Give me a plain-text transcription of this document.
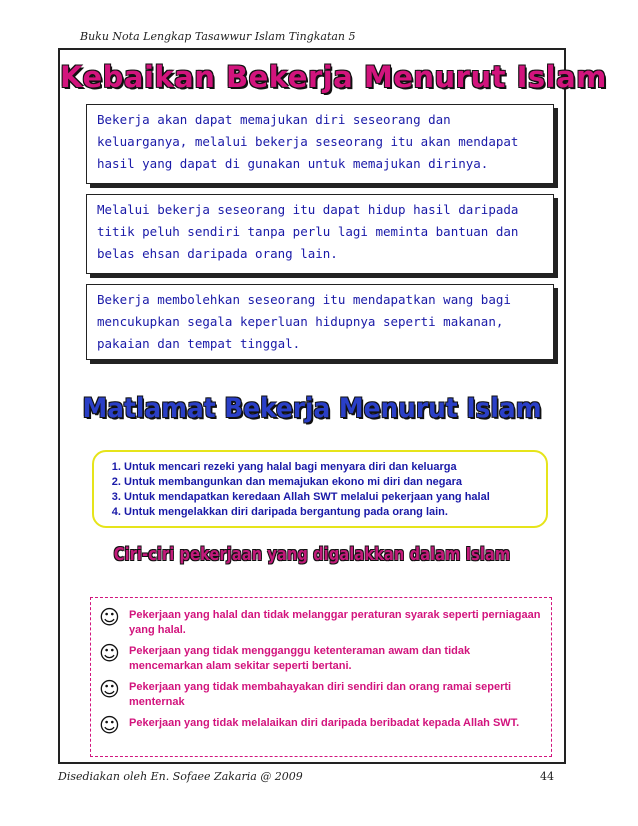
Buku Nota Lengkap Tasawwur Islam Tingkatan 5
Kebaikan Bekerja Menurut Islam
Bekerja akan dapat memajukan diri seseorang dan keluarganya, melalui bekerja seseorang itu akan mendapat hasil yang dapat di gunakan untuk memajukan dirinya.
Melalui bekerja seseorang itu dapat hidup hasil daripada titik peluh sendiri tanpa perlu lagi meminta bantuan dan belas ehsan daripada orang lain.
Bekerja membolehkan seseorang itu mendapatkan wang bagi mencukupkan segala keperluan hidupnya seperti makanan, pakaian dan tempat tinggal.
Matlamat Bekerja Menurut Islam
1. Untuk mencari rezeki yang halal bagi menyara diri dan keluarga
2. Untuk membangunkan dan memajukan ekono mi diri dan negara
3. Untuk mendapatkan keredaan Allah SWT melalui pekerjaan yang halal
4. Untuk mengelakkan diri daripada bergantung pada orang lain.
Ciri-ciri pekerjaan yang digalakkan dalam Islam
☺ Pekerjaan yang halal dan tidak melanggar peraturan syarak seperti perniagaan yang halal.
☺ Pekerjaan yang tidak mengganggu ketenteraman awam dan tidak mencemarkan alam sekitar seperti bertani.
☺ Pekerjaan yang tidak membahayakan diri sendiri dan orang ramai seperti menternak
☺ Pekerjaan yang tidak melalaikan diri daripada beribadat kepada Allah SWT.
Disediakan oleh En. Sofaee Zakaria @ 2009	44
